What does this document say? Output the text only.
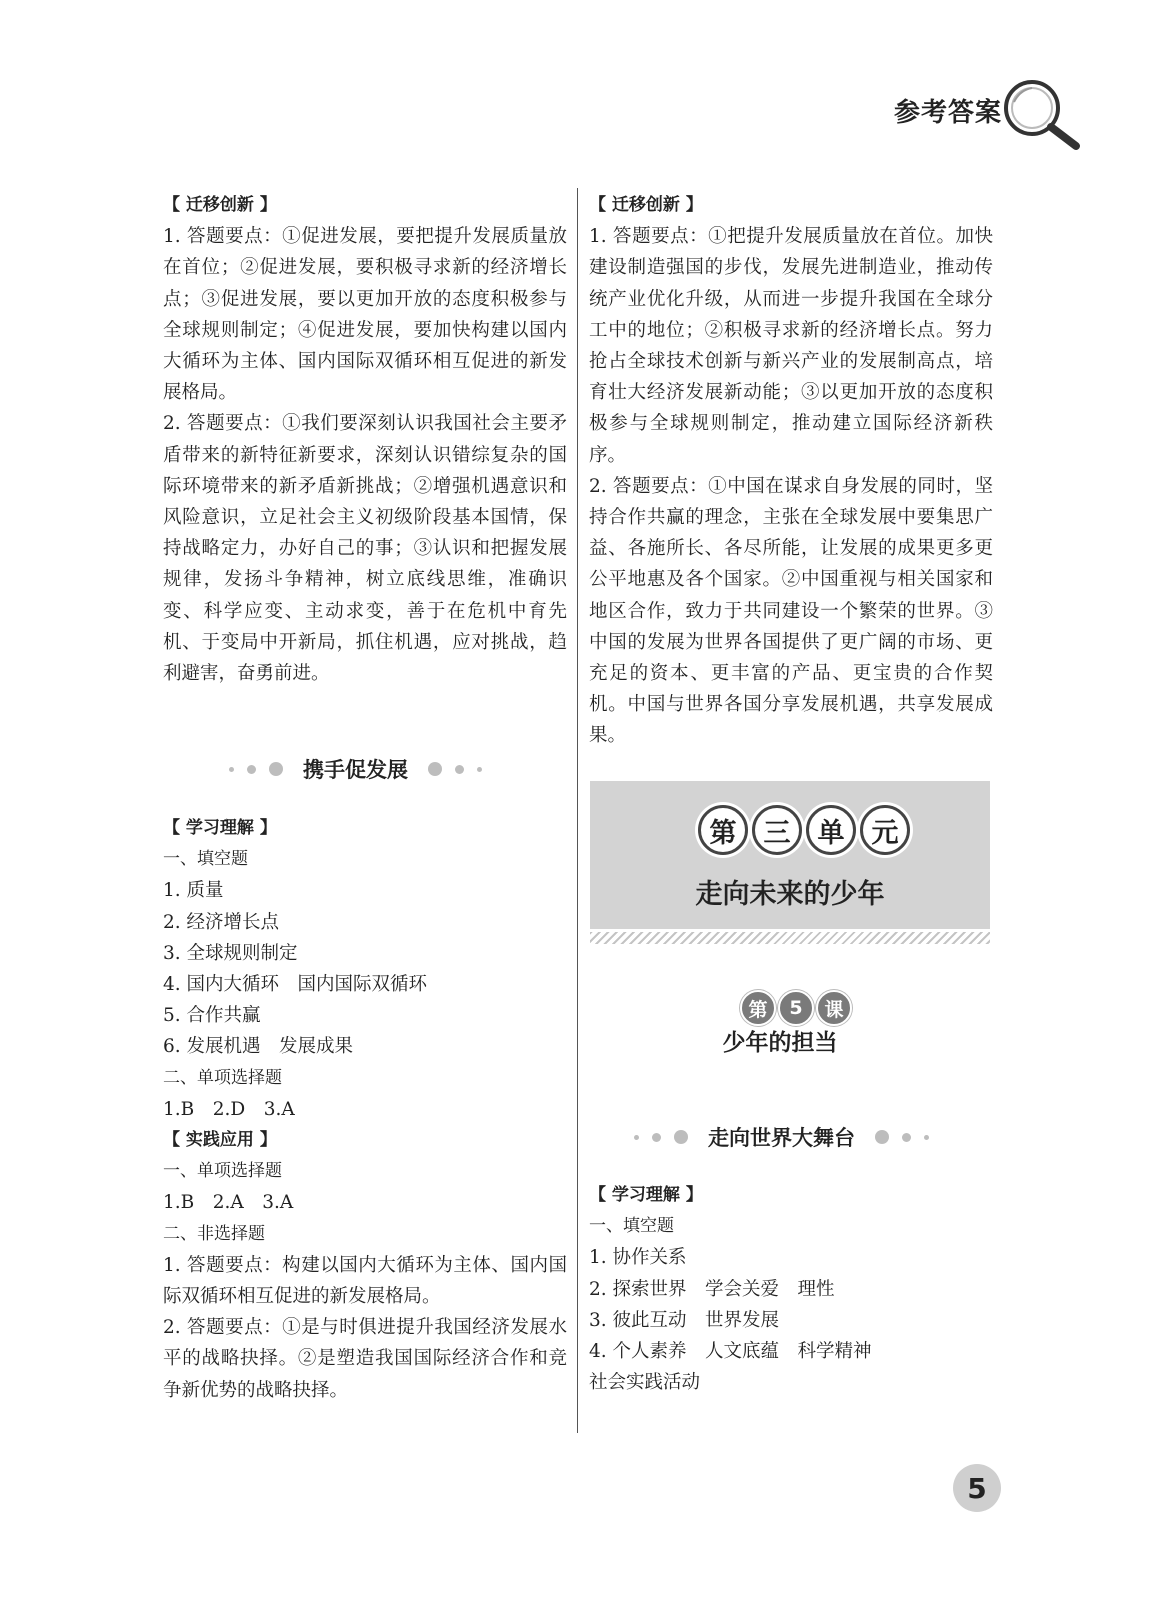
参考答案

【 迁移创新 】

1. 答题要点：①促进发展，要把提升发展质量放在首位；②促进发展，要积极寻求新的经济增长点；③促进发展，要以更加开放的态度积极参与全球规则制定；④促进发展，要加快构建以国内大循环为主体、国内国际双循环相互促进的新发展格局。

2. 答题要点：①我们要深刻认识我国社会主要矛盾带来的新特征新要求，深刻认识错综复杂的国际环境带来的新矛盾新挑战；②增强机遇意识和风险意识，立足社会主义初级阶段基本国情，保持战略定力，办好自己的事；③认识和把握发展规律，发扬斗争精神，树立底线思维，准确识变、科学应变、主动求变，善于在危机中育先机、于变局中开新局，抓住机遇，应对挑战，趋利避害，奋勇前进。

携手促发展

【 学习理解 】

一、填空题

1. 质量

2. 经济增长点

3. 全球规则制定

4. 国内大循环　国内国际双循环

5. 合作共赢

6. 发展机遇　发展成果

二、单项选择题

1.B　2.D　3.A

【 实践应用 】

一、单项选择题

1.B　2.A　3.A

二、非选择题

1. 答题要点：构建以国内大循环为主体、国内国际双循环相互促进的新发展格局。

2. 答题要点：①是与时俱进提升我国经济发展水平的战略抉择。②是塑造我国国际经济合作和竞争新优势的战略抉择。

【 迁移创新 】

1. 答题要点：①把提升发展质量放在首位。加快建设制造强国的步伐，发展先进制造业，推动传统产业优化升级，从而进一步提升我国在全球分工中的地位；②积极寻求新的经济增长点。努力抢占全球技术创新与新兴产业的发展制高点，培育壮大经济发展新动能；③以更加开放的态度积极参与全球规则制定，推动建立国际经济新秩序。

2. 答题要点：①中国在谋求自身发展的同时，坚持合作共赢的理念，主张在全球发展中要集思广益、各施所长、各尽所能，让发展的成果更多更公平地惠及各个国家。②中国重视与相关国家和地区合作，致力于共同建设一个繁荣的世界。③中国的发展为世界各国提供了更广阔的市场、更充足的资本、更丰富的产品、更宝贵的合作契机。中国与世界各国分享发展机遇，共享发展成果。

第	三	单	元
走向未来的少年
第	5	课
少年的担当
走向世界大舞台

【 学习理解 】

一、填空题

1. 协作关系

2. 探索世界　学会关爱　理性

3. 彼此互动　世界发展

4. 个人素养　人文底蕴　科学精神

社会实践活动

5
